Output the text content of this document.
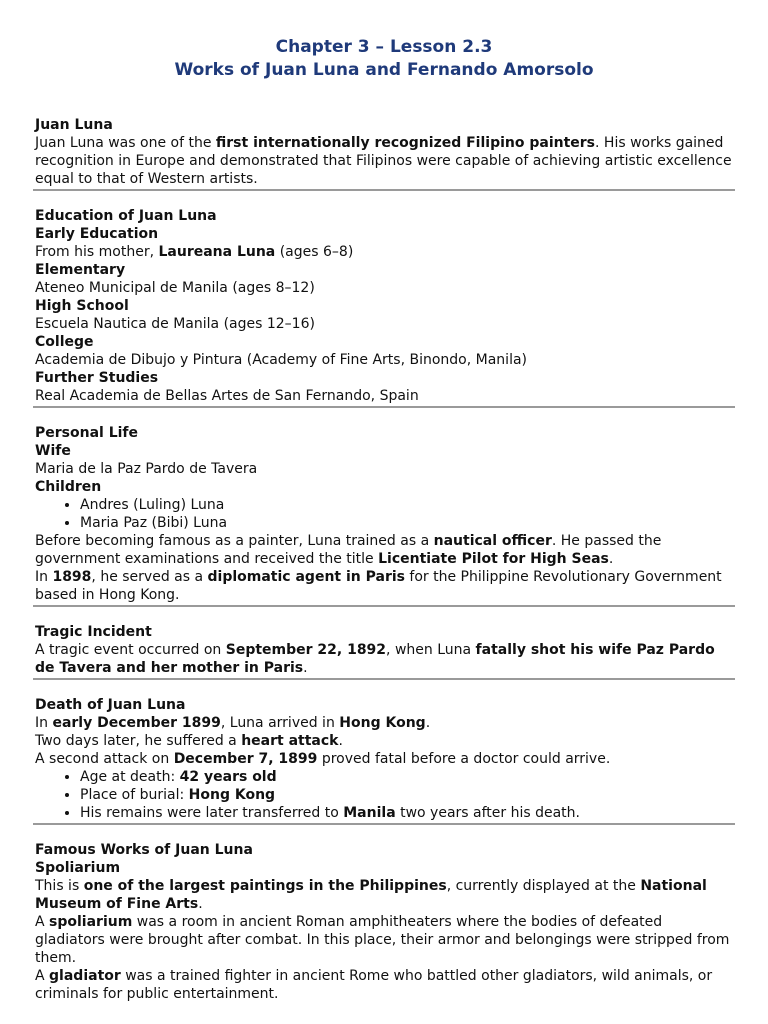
Chapter 3 – Lesson 2.3
Works of Juan Luna and Fernando Amorsolo

Juan Luna

Juan Luna was one of the first internationally recognized Filipino painters. His works gained recognition in Europe and demonstrated that Filipinos were capable of achieving artistic excellence equal to that of Western artists.

Education of Juan Luna

Early Education

From his mother, Laureana Luna (ages 6–8)

Elementary

Ateneo Municipal de Manila (ages 8–12)

High School

Escuela Nautica de Manila (ages 12–16)

College

Academia de Dibujo y Pintura (Academy of Fine Arts, Binondo, Manila)

Further Studies

Real Academia de Bellas Artes de San Fernando, Spain

Personal Life

Wife

Maria de la Paz Pardo de Tavera

Children

• Andres (Luling) Luna
• Maria Paz (Bibi) Luna

Before becoming famous as a painter, Luna trained as a nautical officer. He passed the government examinations and received the title Licentiate Pilot for High Seas.

In 1898, he served as a diplomatic agent in Paris for the Philippine Revolutionary Government based in Hong Kong.

Tragic Incident

A tragic event occurred on September 22, 1892, when Luna fatally shot his wife Paz Pardo de Tavera and her mother in Paris.

Death of Juan Luna

In early December 1899, Luna arrived in Hong Kong.

Two days later, he suffered a heart attack.

A second attack on December 7, 1899 proved fatal before a doctor could arrive.

• Age at death: 42 years old
• Place of burial: Hong Kong
• His remains were later transferred to Manila two years after his death.

Famous Works of Juan Luna

Spoliarium

This is one of the largest paintings in the Philippines, currently displayed at the National Museum of Fine Arts.

A spoliarium was a room in ancient Roman amphitheaters where the bodies of defeated gladiators were brought after combat. In this place, their armor and belongings were stripped from them.

A gladiator was a trained fighter in ancient Rome who battled other gladiators, wild animals, or criminals for public entertainment.
